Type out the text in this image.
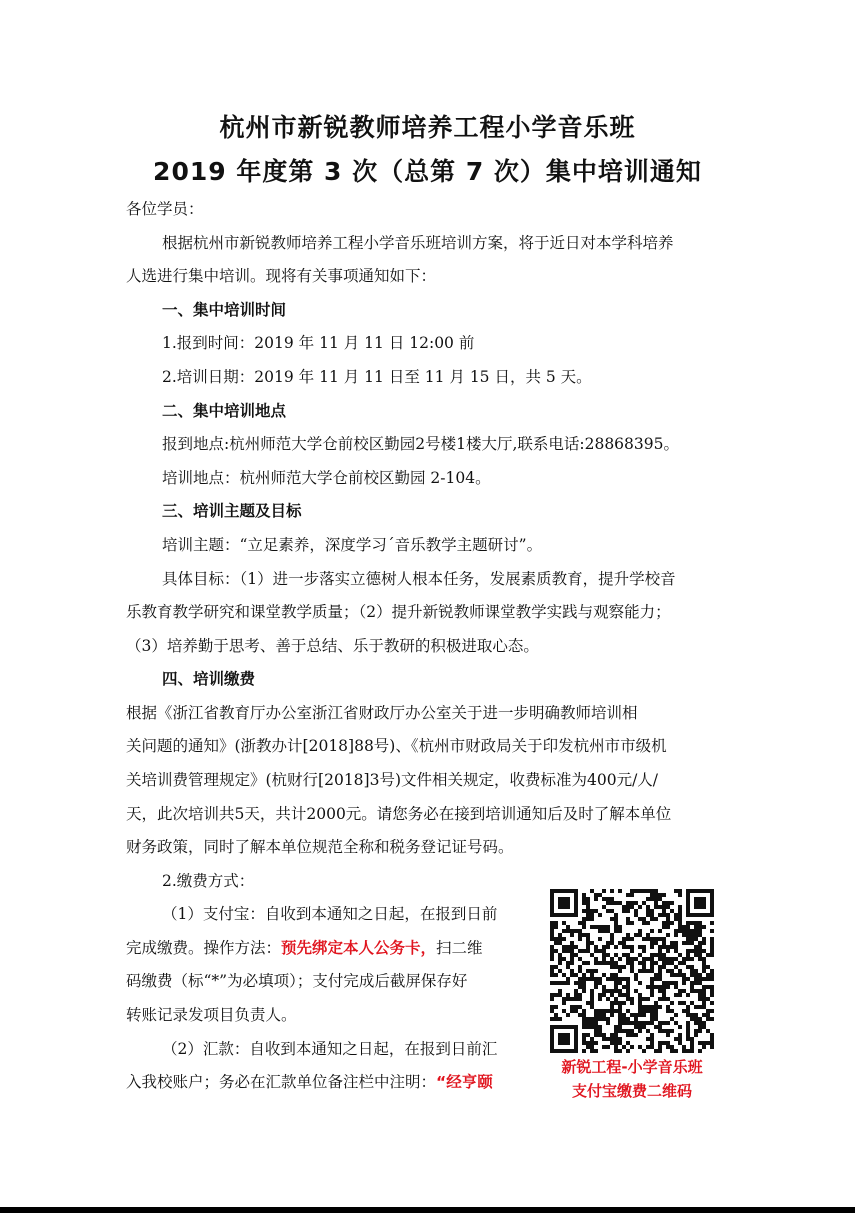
杭州市新锐教师培养工程小学音乐班
2019 年度第 3 次（总第 7 次）集中培训通知
各位学员：
根据杭州市新锐教师培养工程小学音乐班培训方案，将于近日对本学科培养
人选进行集中培训。现将有关事项通知如下：
一、集中培训时间
1.报到时间：2019 年 11 月 11 日 12:00 前
2.培训日期：2019 年 11 月 11 日至 11 月 15 日，共 5 天。
二、集中培训地点
报到地点:杭州师范大学仓前校区勤园2号楼1楼大厅,联系电话:28868395。
培训地点：杭州师范大学仓前校区勤园 2-104。
三、培训主题及目标
培训主题：“立足素养，深度学习´音乐教学主题研讨”。
具体目标：（1）进一步落实立德树人根本任务，发展素质教育，提升学校音
乐教育教学研究和课堂教学质量；（2）提升新锐教师课堂教学实践与观察能力；
（3）培养勤于思考、善于总结、乐于教研的积极进取心态。
四、培训缴费
根据《浙江省教育厅办公室浙江省财政厅办公室关于进一步明确教师培训相
关问题的通知》(浙教办计[2018]88号)、《杭州市财政局关于印发杭州市市级机
关培训费管理规定》(杭财行[2018]3号)文件相关规定，收费标准为400元/人/
天，此次培训共5天，共计2000元。请您务必在接到培训通知后及时了解本单位
财务政策，同时了解本单位规范全称和税务登记证号码。
2.缴费方式：
（1）支付宝：自收到本通知之日起，在报到日前
完成缴费。操作方法：预先绑定本人公务卡，扫二维
码缴费（标“*”为必填项）；支付完成后截屏保存好
转账记录发项目负责人。
（2）汇款：自收到本通知之日起，在报到日前汇
入我校账户；务必在汇款单位备注栏中注明：“经亨颐
新锐工程-小学音乐班
支付宝缴费二维码
